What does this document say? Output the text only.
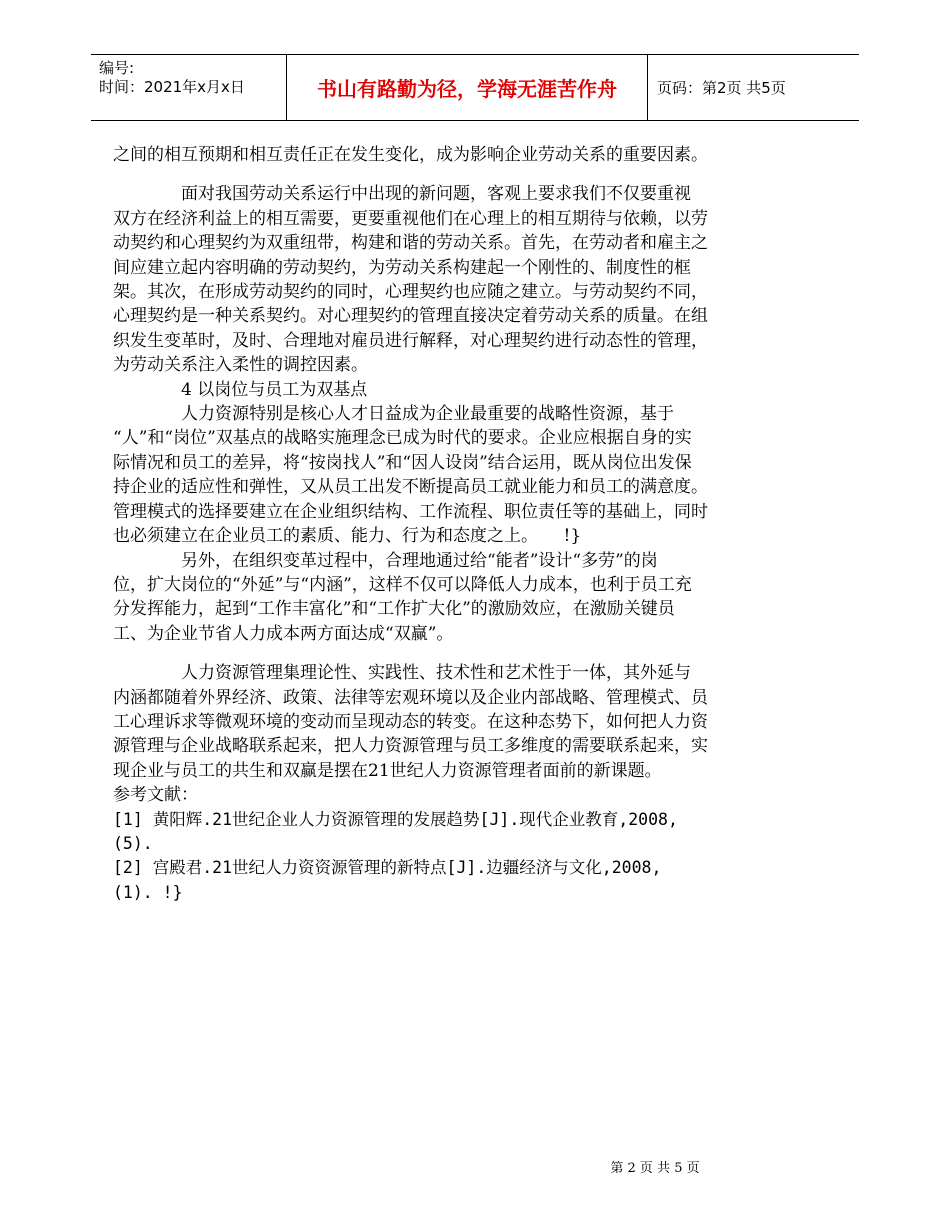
编号:
时间：2021年x月x日	书山有路勤为径，学海无涯苦作舟	页码：第2页 共5页

之间的相互预期和相互责任正在发生变化，成为影响企业劳动关系的重要因素。

　　　　面对我国劳动关系运行中出现的新问题，客观上要求我们不仅要重视

双方在经济利益上的相互需要，更要重视他们在心理上的相互期待与依赖，以劳

动契约和心理契约为双重纽带，构建和谐的劳动关系。首先，在劳动者和雇主之

间应建立起内容明确的劳动契约，为劳动关系构建起一个刚性的、制度性的框

架。其次，在形成劳动契约的同时，心理契约也应随之建立。与劳动契约不同，

心理契约是一种关系契约。对心理契约的管理直接决定着劳动关系的质量。在组

织发生变革时，及时、合理地对雇员进行解释，对心理契约进行动态性的管理，

为劳动关系注入柔性的调控因素。

　　　　4 以岗位与员工为双基点

　　　　人力资源特别是核心人才日益成为企业最重要的战略性资源，基于

“人”和“岗位”双基点的战略实施理念已成为时代的要求。企业应根据自身的实

际情况和员工的差异，将“按岗找人”和“因人设岗”结合运用，既从岗位出发保

持企业的适应性和弹性，又从员工出发不断提高员工就业能力和员工的满意度。

管理模式的选择要建立在企业组织结构、工作流程、职位责任等的基础上，同时

也必须建立在企业员工的素质、能力、行为和态度之上。　　!}

　　　　另外，在组织变革过程中，合理地通过给“能者”设计“多劳”的岗

位，扩大岗位的“外延”与“内涵”，这样不仅可以降低人力成本，也利于员工充

分发挥能力，起到“工作丰富化”和“工作扩大化”的激励效应，在激励关键员

工、为企业节省人力成本两方面达成“双赢”。

　　　　人力资源管理集理论性、实践性、技术性和艺术性于一体，其外延与

内涵都随着外界经济、政策、法律等宏观环境以及企业内部战略、管理模式、员

工心理诉求等微观环境的变动而呈现动态的转变。在这种态势下，如何把人力资

源管理与企业战略联系起来，把人力资源管理与员工多维度的需要联系起来，实

现企业与员工的共生和双赢是摆在21世纪人力资源管理者面前的新课题。

参考文献：

[1] 黄阳辉.21世纪企业人力资源管理的发展趋势[J].现代企业教育,2008,

(5).

[2] 宫殿君.21世纪人力资资源管理的新特点[J].边疆经济与文化,2008,

(1). !}

第 2 页 共 5 页
